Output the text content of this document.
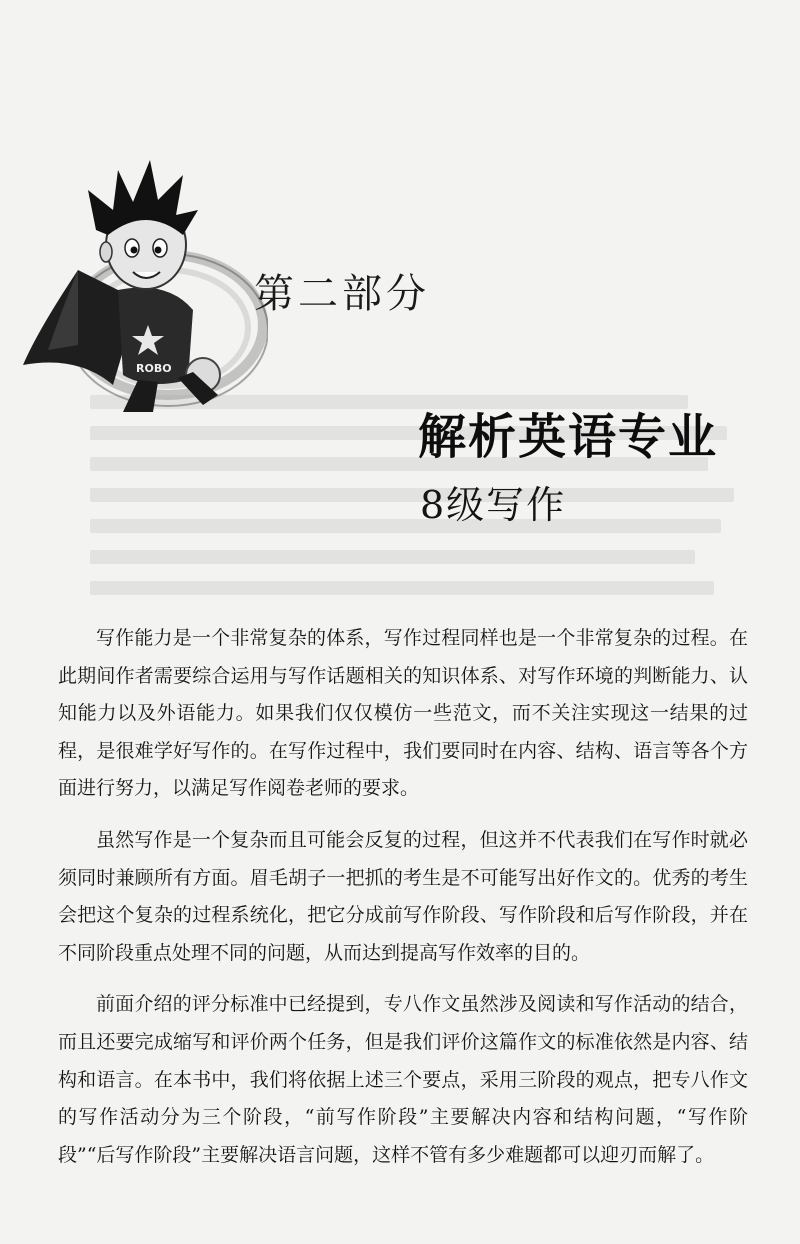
ROBO
第二部分
解析英语专业
8级写作

写作能力是一个非常复杂的体系，写作过程同样也是一个非常复杂的过程。在此期间作者需要综合运用与写作话题相关的知识体系、对写作环境的判断能力、认知能力以及外语能力。如果我们仅仅模仿一些范文，而不关注实现这一结果的过程，是很难学好写作的。在写作过程中，我们要同时在内容、结构、语言等各个方面进行努力，以满足写作阅卷老师的要求。

虽然写作是一个复杂而且可能会反复的过程，但这并不代表我们在写作时就必须同时兼顾所有方面。眉毛胡子一把抓的考生是不可能写出好作文的。优秀的考生会把这个复杂的过程系统化，把它分成前写作阶段、写作阶段和后写作阶段，并在不同阶段重点处理不同的问题，从而达到提高写作效率的目的。

前面介绍的评分标准中已经提到，专八作文虽然涉及阅读和写作活动的结合，而且还要完成缩写和评价两个任务，但是我们评价这篇作文的标准依然是内容、结构和语言。在本书中，我们将依据上述三个要点，采用三阶段的观点，把专八作文的写作活动分为三个阶段，“前写作阶段”主要解决内容和结构问题，“写作阶段”“后写作阶段”主要解决语言问题，这样不管有多少难题都可以迎刃而解了。
